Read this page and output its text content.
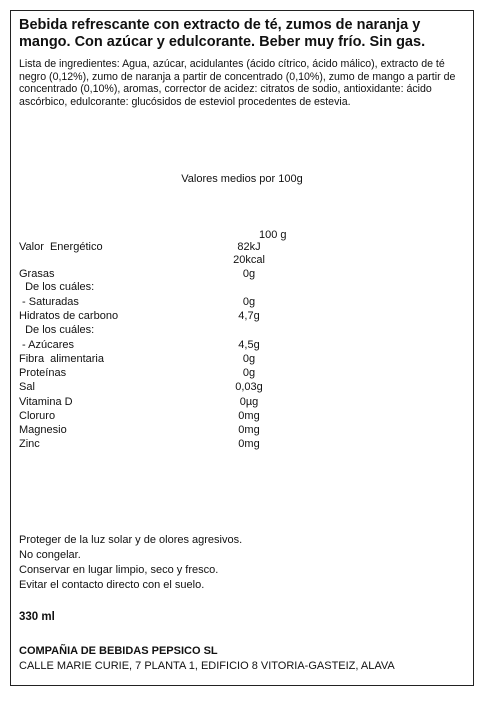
Bebida refrescante con extracto de té, zumos de naranja y mango. Con azúcar y edulcorante. Beber muy frío. Sin gas.

Lista de ingredientes: Agua, azúcar, acidulantes (ácido cítrico, ácido málico), extracto de té negro (0,12%), zumo de naranja a partir de concentrado (0,10%), zumo de mango a partir de concentrado (0,10%), aromas, corrector de acidez: citratos de sodio, antioxidante: ácido ascórbico, edulcorante: glucósidos de esteviol procedentes de estevia.

Valores medios por 100g
100 g
Valor  Energético	82kJ
20kcal
Grasas	0g
De los cuáles:
- Saturadas	0g
Hidratos de carbono	4,7g
De los cuáles:
- Azúcares	4,5g
Fibra  alimentaria	0g
Proteínas	0g
Sal	0,03g
Vitamina D	0µg
Cloruro	0mg
Magnesio	0mg
Zinc	0mg
Proteger de la luz solar y de olores agresivos.
No congelar.
Conservar en lugar limpio, seco y fresco.
Evitar el contacto directo con el suelo.
330 ml
COMPAÑIA DE BEBIDAS PEPSICO SL
CALLE MARIE CURIE, 7 PLANTA 1, EDIFICIO 8 VITORIA-GASTEIZ, ALAVA
